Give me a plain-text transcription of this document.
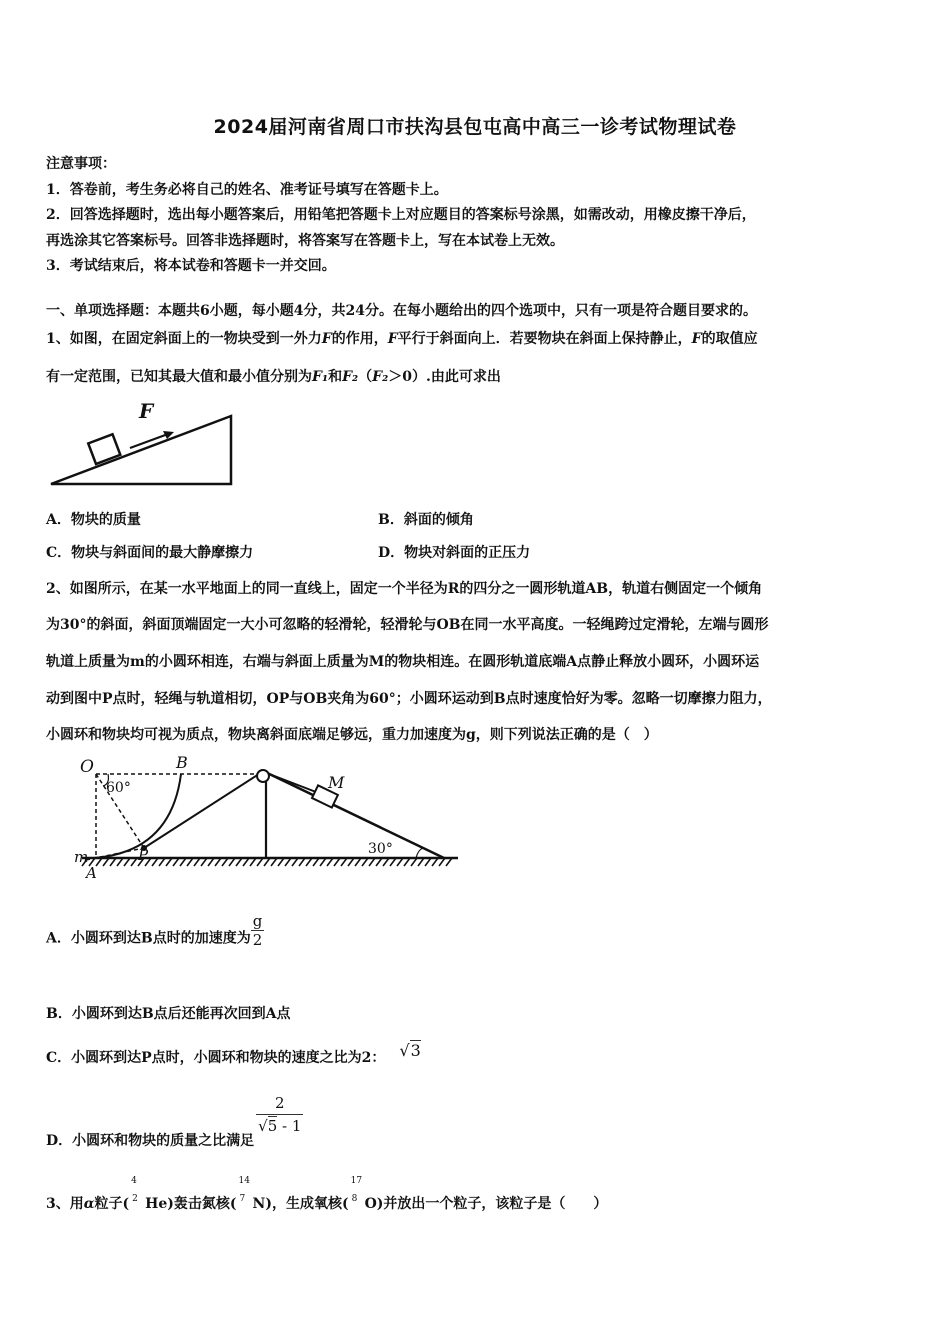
2024届河南省周口市扶沟县包屯高中高三一诊考试物理试卷
注意事项：
1．答卷前，考生务必将自己的姓名、准考证号填写在答题卡上。
2．回答选择题时，选出每小题答案后，用铅笔把答题卡上对应题目的答案标号涂黑，如需改动，用橡皮擦干净后，
再选涂其它答案标号。回答非选择题时，将答案写在答题卡上，写在本试卷上无效。
3．考试结束后，将本试卷和答题卡一并交回。
一、单项选择题：本题共6小题，每小题4分，共24分。在每小题给出的四个选项中，只有一项是符合题目要求的。
1、如图，在固定斜面上的一物块受到一外力F的作用，F平行于斜面向上．若要物块在斜面上保持静止，F的取值应
有一定范围，已知其最大值和最小值分别为F₁和F₂（F₂＞0）.由此可求出
F
A．物块的质量	B．斜面的倾角
C．物块与斜面间的最大静摩擦力	D．物块对斜面的正压力
2、如图所示，在某一水平地面上的同一直线上，固定一个半径为R的四分之一圆形轨道AB，轨道右侧固定一个倾角
为30°的斜面，斜面顶端固定一大小可忽略的轻滑轮，轻滑轮与OB在同一水平高度。一轻绳跨过定滑轮，左端与圆形
轨道上质量为m的小圆环相连，右端与斜面上质量为M的物块相连。在圆形轨道底端A点静止释放小圆环，小圆环运
动到图中P点时，轻绳与轨道相切，OP与OB夹角为60°；小圆环运动到B点时速度恰好为零。忽略一切摩擦力阻力，
小圆环和物块均可视为质点，物块离斜面底端足够远，重力加速度为g，则下列说法正确的是（　）
O	B
60°	M
m	P
A
30°
A．小圆环到达B点时的加速度为 $\frac{g}{2}$
B．小圆环到达B点后还能再次回到A点
C．小圆环到达P点时，小圆环和物块的速度之比为2： √3
D．小圆环和物块的质量之比满足
$\frac{2}{√5 - 1}$
3、用α粒子(
4
2 He)轰击氮核(
14
7 N)，生成氧核(
17
8 O)并放出一个粒子，该粒子是（　　）
